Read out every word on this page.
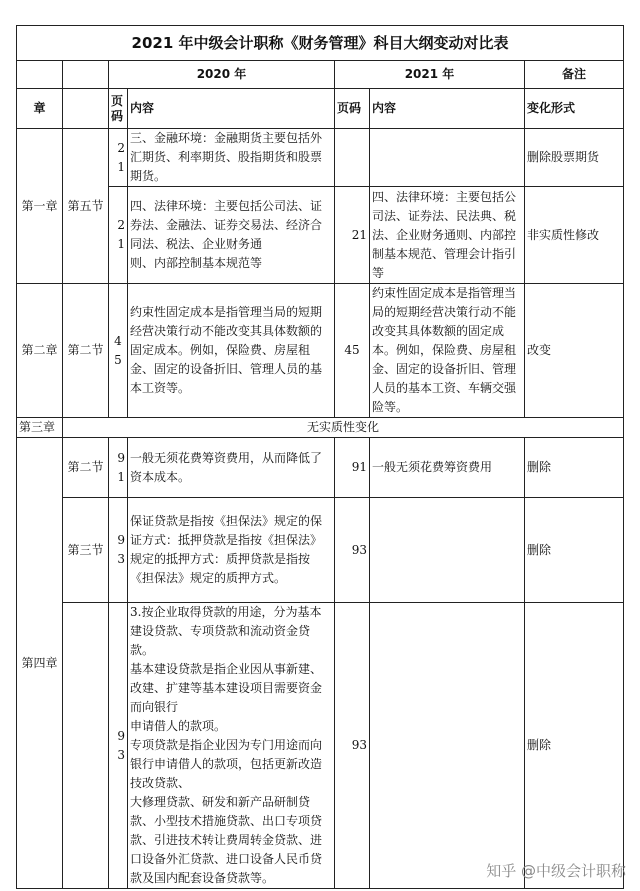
2021 年中级会计职称《财务管理》科目大纲变动对比表						
		2020 年		2021 年		备注
章		页码	内容	页码	内容	变化形式
第一章	第五节	21	三、金融环境：金融期货主要包括外汇期货、利率期货、股指期货和股票期货。			删除股票期货
		21	四、法律环境：主要包括公司法、证券法、金融法、证券交易法、经济合同法、税法、企业财务通
则、内部控制基本规范等	21	四、法律环境：主要包括公司法、证券法、民法典、税法、企业财务通则、内部控制基本规范、管理会计指引等	非实质性修改
第二章	第二节	45	约束性固定成本是指管理当局的短期经营决策行动不能改变其具体数额的固定成本。例如，保险费、房屋租金、固定的设备折旧、管理人员的基本工资等。	45	约束性固定成本是指管理当局的短期经营决策行动不能改变其具体数额的固定成本。例如，保险费、房屋租金、固定的设备折旧、管理人员的基本工资、车辆交强险等。	改变
第三章	无实质性变化					
第四章	第二节	91	一般无须花费筹资费用，从而降低了资本成本。	91	一般无须花费筹资费用	删除
	第三节	93	保证贷款是指按《担保法》规定的保证方式：抵押贷款是指按《担保法》规定的抵押方式：质押贷款是指按《担保法》规定的质押方式。	93		删除
		93	3.按企业取得贷款的用途，分为基本建设贷款、专项贷款和流动资金贷款。
基本建设贷款是指企业因从事新建、改建、扩建等基本建设项目需要资金而向银行
申请借人的款项。
专项贷款是指企业因为专门用途而向银行申请借人的款项，包括更新改造技改贷款、
大修理贷款、研发和新产品研制贷款、小型技术措施贷款、出口专项贷款、引进技术转让费周转金贷款、进口设备外汇贷款、进口设备人民币贷款及国内配套设备贷款等。	93		删除
知乎 @中级会计职称
